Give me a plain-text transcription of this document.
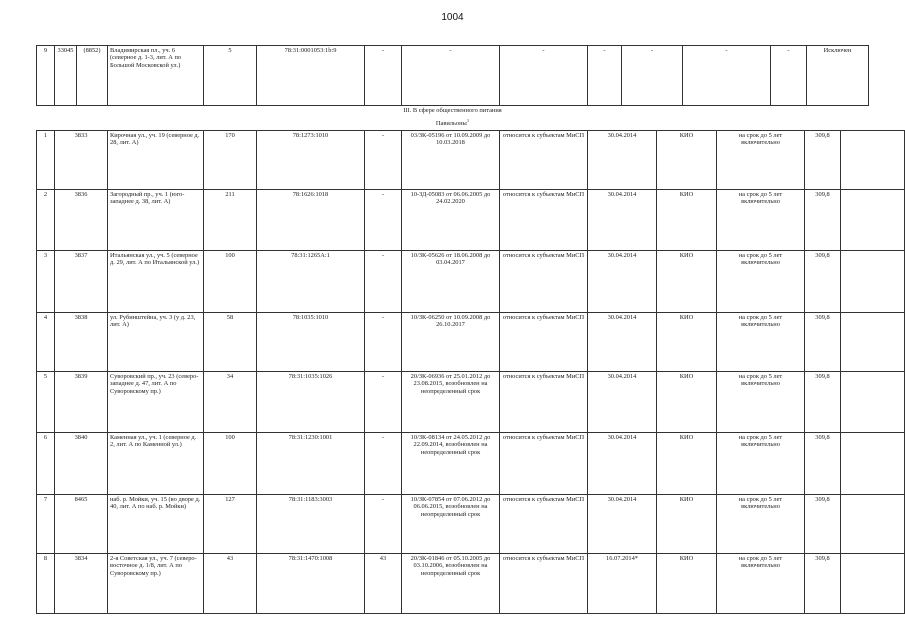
1004
9	33045	(8852)	Владимирская пл., уч. 6 (северное д. 1-3, лит. А по Большой Московской ул.)	5	78:31:0001053:1b:9	-	-	-	-	-	-	-	Исключен
III. В сфере общественного питания
Павильоны$^1$
1	3833	Кирочная ул., уч. 19 (северное д. 28, лит. А)	170	78:1273:1010	-	03/ЗК-05196 от 10.09.2009 до 10.03.2018	относится к субъектам МиСП	30.04.2014	КИО	на срок до 5 лет включительно	309,8	
2	3836	Загородный пр., уч. 1 (юго-западнее д. 38, лит. А)	211	78:1626:1018	-	10-ЗД-05083 от 06.06.2005 до 24.02.2020	относится к субъектам МиСП	30.04.2014	КИО	на срок до 5 лет включительно	309,8	
3	3837	Итальянская ул., уч. 5 (северное д. 29, лит. А по Итальянской ул.)	100	78:31:1265А:1	-	10/ЗК-05626 от 18.06.2008 до 03.04.2017	относится к субъектам МиСП	30.04.2014	КИО	на срок до 5 лет включительно	309,8	
4	3838	ул. Рубинштейна, уч. 3 (у д. 23, лит. А)	58	78:1035:1010	-	10/ЗК-06250 от 10.09.2008 до 26.10.2017	относится к субъектам МиСП	30.04.2014	КИО	на срок до 5 лет включительно	309,8	
5	3839	Суворовский пр., уч. 23 (северо-западнее д. 47, лит. А по Суворовскому пр.)	34	78:31:1035:1026	-	20/ЗК-06936 от 25.01.2012 до 23.08.2015, возобновлен на неопределенный срок	относится к субъектам МиСП	30.04.2014	КИО	на срок до 5 лет включительно	309,8	
6	3840	Каменная ул., уч. 1 (северное д. 2, лит. А по Каменной ул.)	100	78:31:1230:1001	-	10/ЗК-08134 от 24.05.2012 до 22.09.2014, возобновлен на неопределенный срок	относится к субъектам МиСП	30.04.2014	КИО	на срок до 5 лет включительно	309,8	
7	8465	наб. р. Мойки, уч. 15 (во дворе д. 40, лит. А по наб. р. Мойки)	127	78:31:1183:3003	-	10/ЗК-07854 от 07.06.2012 до 06.06.2015, возобновлен на неопределенный срок	относится к субъектам МиСП	30.04.2014	КИО	на срок до 5 лет включительно	309,8	
8	3834	2-я Советская ул., уч. 7 (северо-восточное д. 1/8, лит. А по Суворовскому пр.)	43	78:31:1470:1008	43	20/ЗК-01846 от 05.10.2005 до 03.10.2006, возобновлен на неопределенный срок	относится к субъектам МиСП	16.07.2014*	КИО	на срок до 5 лет включительно	309,8	
